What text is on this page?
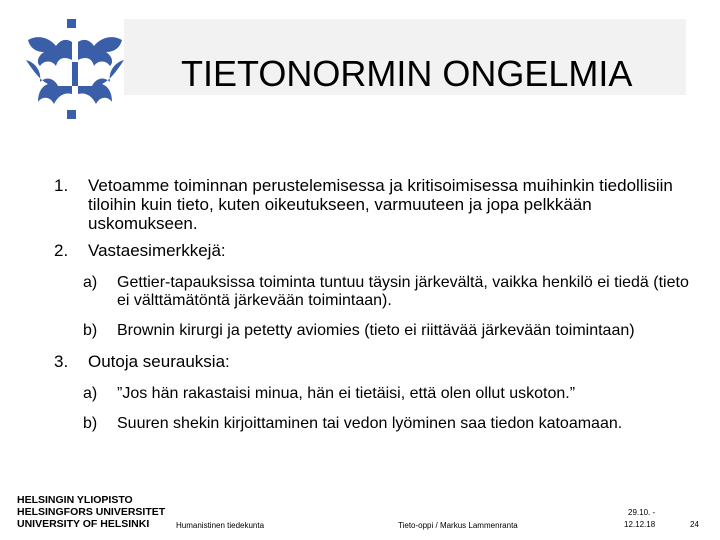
TIETONORMIN ONGELMIA
1. Vetoamme toiminnan perustelemisessa ja kritisoimisessa muihinkin tiedollisiin tiloihin kuin tieto, kuten oikeutukseen, varmuuteen ja jopa pelkkään uskomukseen.
2. Vastaesimerkkejä:
a) Gettier-tapauksissa toiminta tuntuu täysin järkevältä, vaikka henkilö ei tiedä (tieto ei välttämätöntä järkevään toimintaan).
b) Brownin kirurgi ja petetty aviomies (tieto ei riittävää järkevään toimintaan)
3. Outoja seurauksia:
a) ”Jos hän rakastaisi minua, hän ei tietäisi, että olen ollut uskoton.”
b) Suuren shekin kirjoittaminen tai vedon lyöminen saa tiedon katoamaan.
HELSINGIN YLIOPISTO
HELSINGFORS UNIVERSITET
UNIVERSITY OF HELSINKI	Humanistinen tiedekunta	Tieto-oppi / Markus Lammenranta
29.10. -
12.12.18	24
